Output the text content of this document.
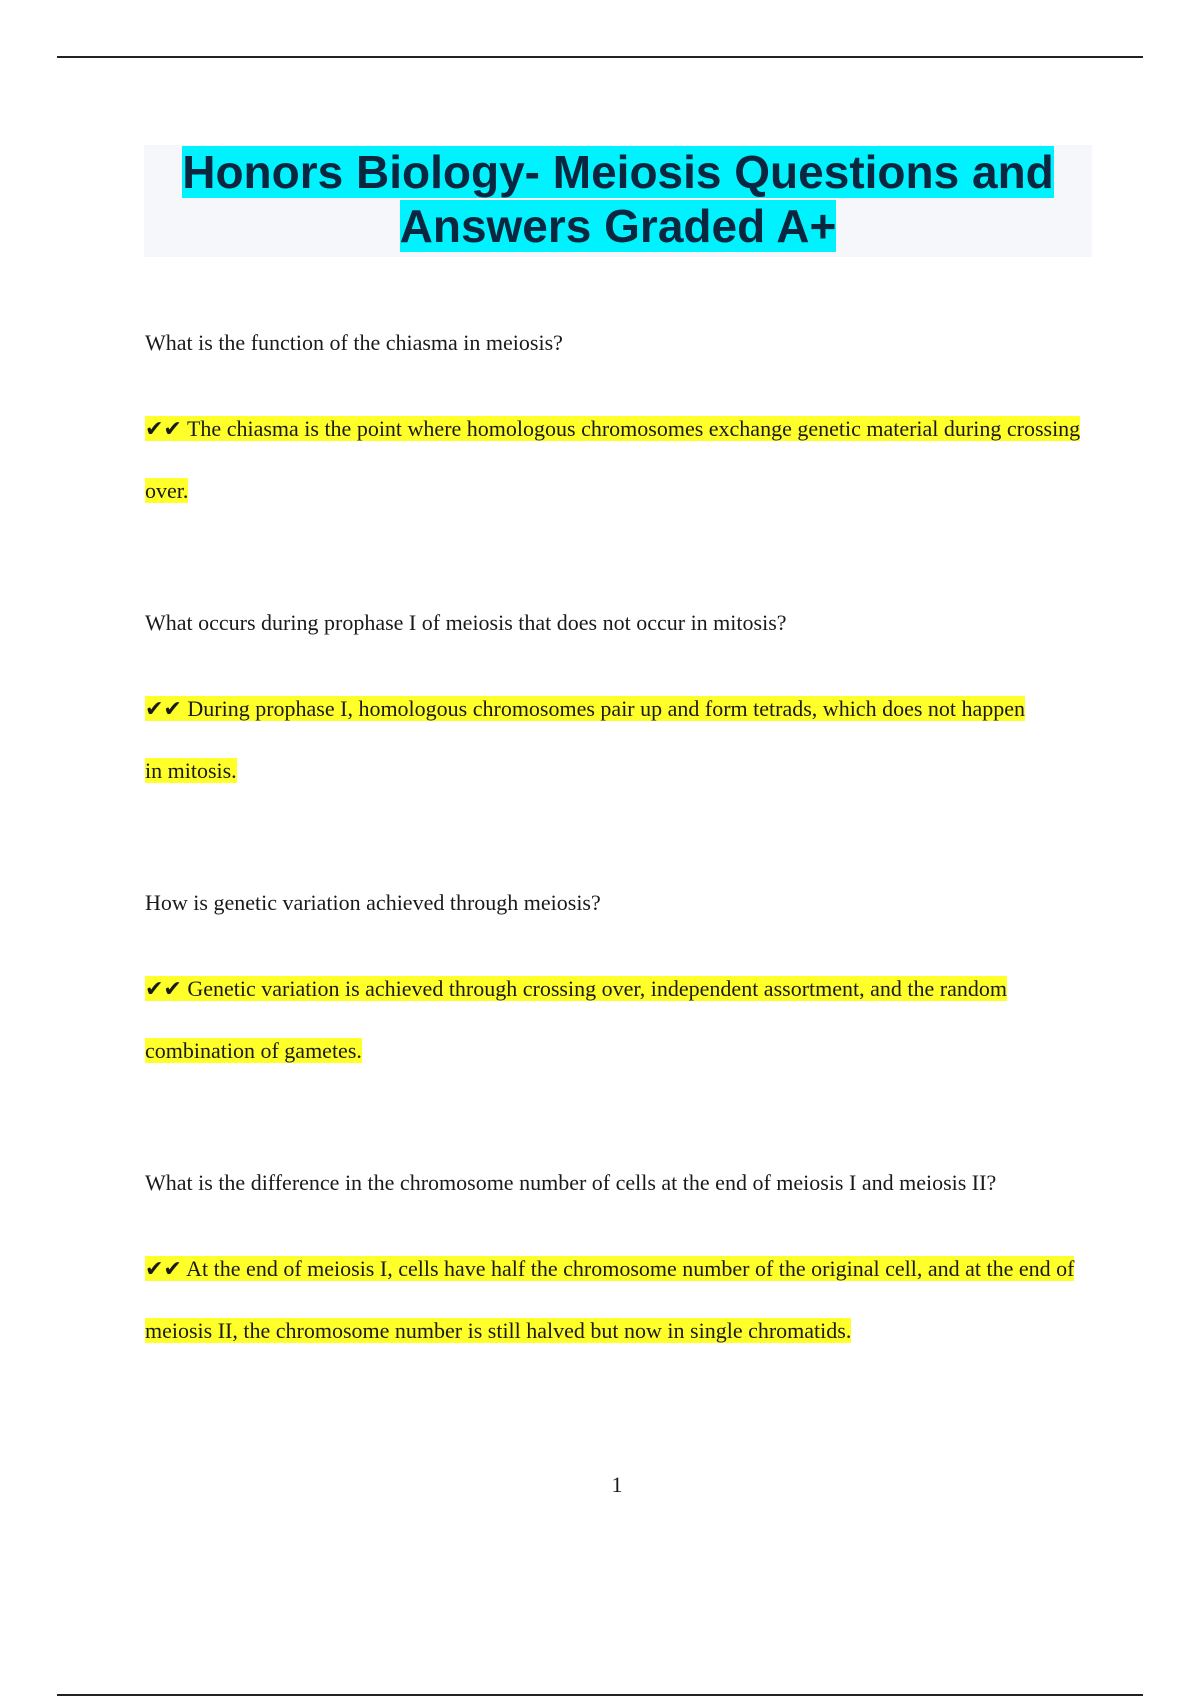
Honors Biology- Meiosis Questions and
Answers Graded A+

What is the function of the chiasma in meiosis?

✔✔ The chiasma is the point where homologous chromosomes exchange genetic material during crossing over.

What occurs during prophase I of meiosis that does not occur in mitosis?

✔✔ During prophase I, homologous chromosomes pair up and form tetrads, which does not happen in mitosis.

How is genetic variation achieved through meiosis?

✔✔ Genetic variation is achieved through crossing over, independent assortment, and the random combination of gametes.

What is the difference in the chromosome number of cells at the end of meiosis I and meiosis II?

✔✔ At the end of meiosis I, cells have half the chromosome number of the original cell, and at the end of meiosis II, the chromosome number is still halved but now in single chromatids.

1
